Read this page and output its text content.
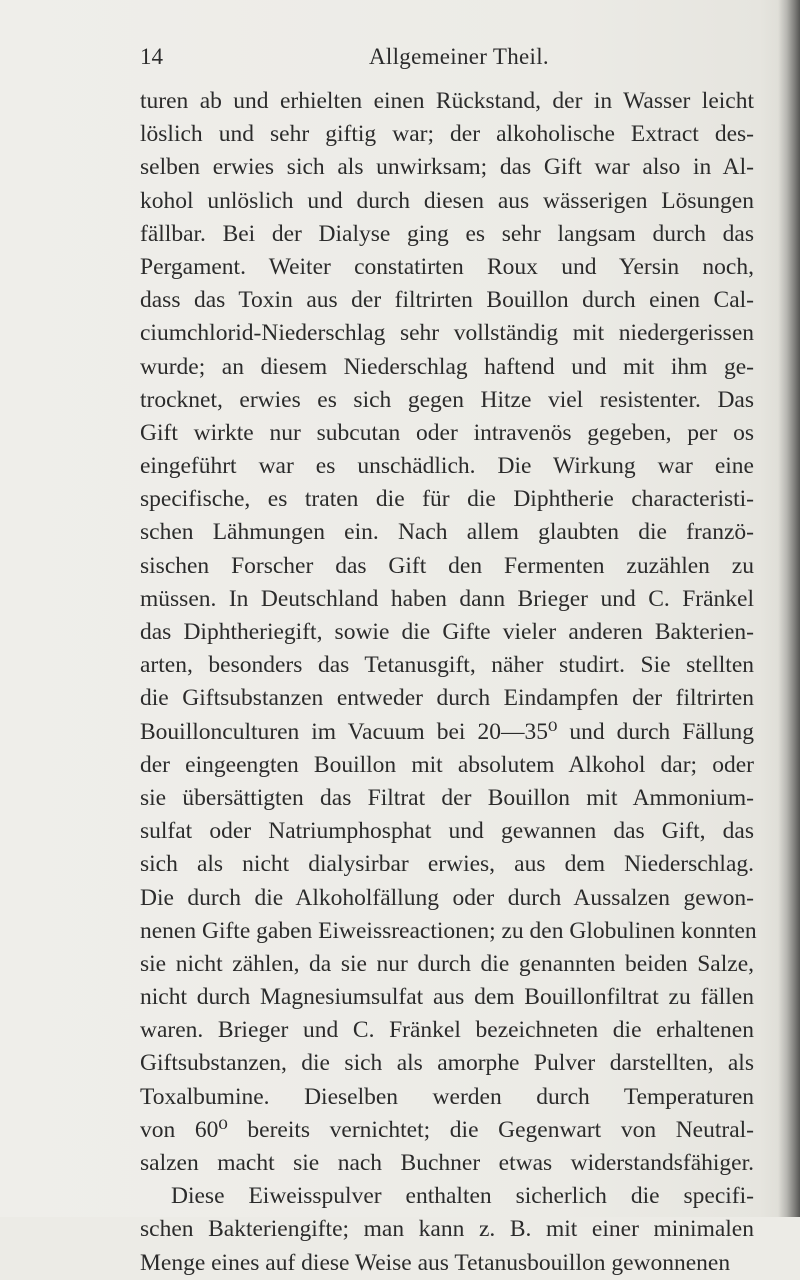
14	Allgemeiner Theil.
turen ab und erhielten einen Rückstand, der in Wasser leicht
löslich und sehr giftig war; der alkoholische Extract des-
selben erwies sich als unwirksam; das Gift war also in Al-
kohol unlöslich und durch diesen aus wässerigen Lösungen
fällbar. Bei der Dialyse ging es sehr langsam durch das
Pergament. Weiter constatirten Roux und Yersin noch,
dass das Toxin aus der filtrirten Bouillon durch einen Cal-
ciumchlorid-Niederschlag sehr vollständig mit niedergerissen
wurde; an diesem Niederschlag haftend und mit ihm ge-
trocknet, erwies es sich gegen Hitze viel resistenter. Das
Gift wirkte nur subcutan oder intravenös gegeben, per os
eingeführt war es unschädlich. Die Wirkung war eine
specifische, es traten die für die Diphtherie characteristi-
schen Lähmungen ein. Nach allem glaubten die franzö-
sischen Forscher das Gift den Fermenten zuzählen zu
müssen. In Deutschland haben dann Brieger und C. Fränkel
das Diphtheriegift, sowie die Gifte vieler anderen Bakterien-
arten, besonders das Tetanusgift, näher studirt. Sie stellten
die Giftsubstanzen entweder durch Eindampfen der filtrirten
Bouillonculturen im Vacuum bei 20—35⁰ und durch Fällung
der eingeengten Bouillon mit absolutem Alkohol dar; oder
sie übersättigten das Filtrat der Bouillon mit Ammonium-
sulfat oder Natriumphosphat und gewannen das Gift, das
sich als nicht dialysirbar erwies, aus dem Niederschlag.
Die durch die Alkoholfällung oder durch Aussalzen gewon-
nenen Gifte gaben Eiweissreactionen; zu den Globulinen konnten
sie nicht zählen, da sie nur durch die genannten beiden Salze,
nicht durch Magnesiumsulfat aus dem Bouillonfiltrat zu fällen
waren. Brieger und C. Fränkel bezeichneten die erhaltenen
Giftsubstanzen, die sich als amorphe Pulver darstellten, als
Toxalbumine. Dieselben werden durch Temperaturen
von 60⁰ bereits vernichtet; die Gegenwart von Neutral-
salzen macht sie nach Buchner etwas widerstandsfähiger.
Diese Eiweisspulver enthalten sicherlich die specifi-
schen Bakteriengifte; man kann z. B. mit einer minimalen
Menge eines auf diese Weise aus Tetanusbouillon gewonnenen
